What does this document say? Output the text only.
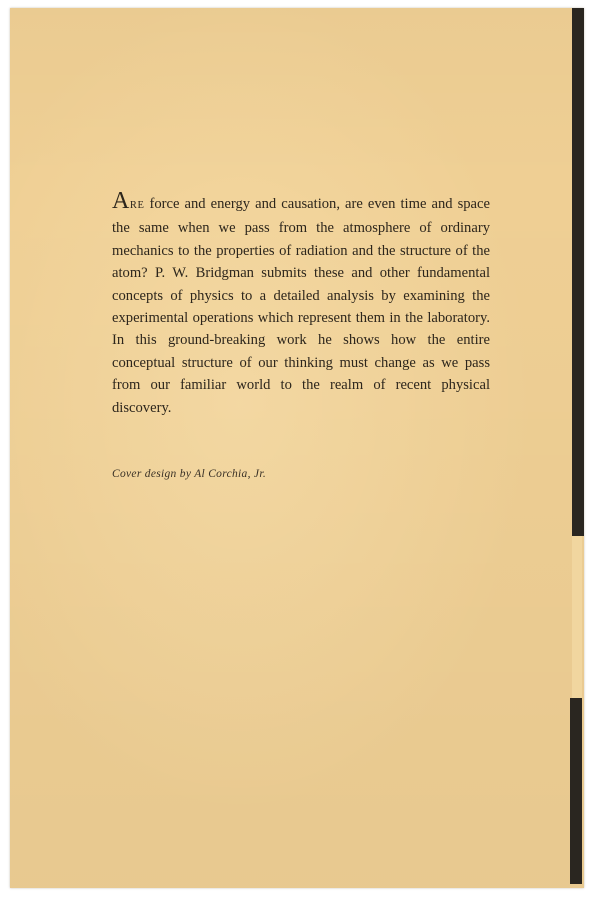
ARE force and energy and causation, are even time and space the same when we pass from the atmosphere of ordinary mechanics to the properties of radiation and the structure of the atom? P. W. Bridgman submits these and other fundamental concepts of physics to a detailed analysis by examining the experimental operations which represent them in the laboratory. In this ground-breaking work he shows how the entire conceptual structure of our thinking must change as we pass from our familiar world to the realm of recent physical discovery.

Cover design by Al Corchia, Jr.
